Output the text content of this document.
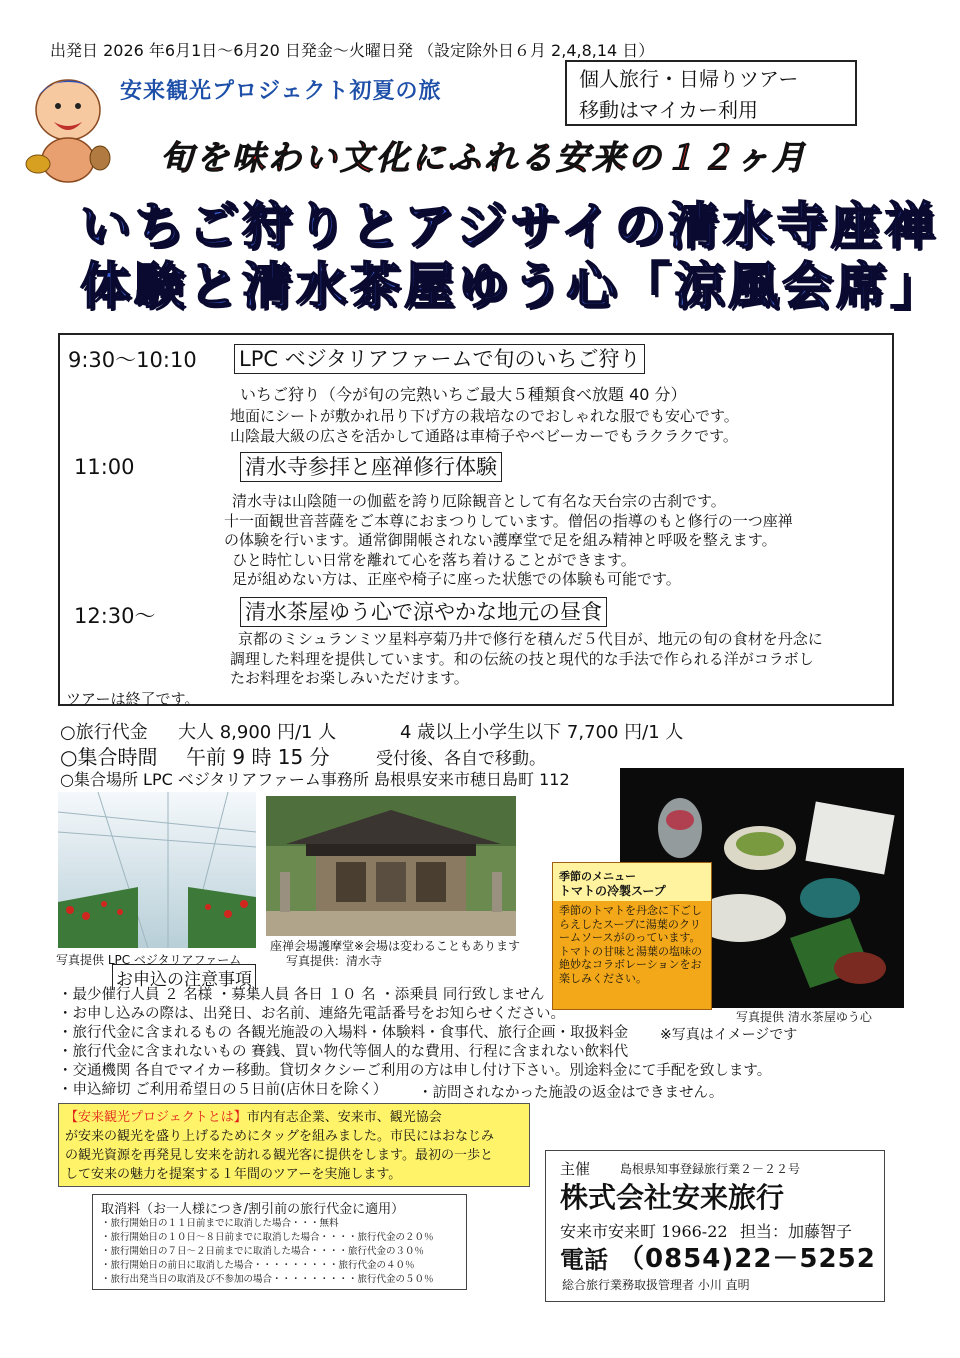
出発日 2026 年6月1日～6月20 日発金～火曜日発 （設定除外日６月 2,4,8,14 日）
安来観光プロジェクト初夏の旅	個人旅行・日帰りツアー
移動はマイカー利用
旬を味わい文化にふれる安来の１２ヶ月
いちご狩りとアジサイの清水寺座禅
体験と清水茶屋ゆう心「涼風会席」
9:30～10:10 LPC ベジタリアファームで旬のいちご狩り
いちご狩り（今が旬の完熟いちご最大５種類食べ放題 40 分）
地面にシートが敷かれ吊り下げ方の栽培なのでおしゃれな服でも安心です。
山陰最大級の広さを活かして通路は車椅子やベビーカーでもラクラクです。
11:00	清水寺参拝と座禅修行体験
清水寺は山陰随一の伽藍を誇り厄除観音として有名な天台宗の古刹です。
十一面観世音菩薩をご本尊におまつりしています。僧侶の指導のもと修行の一つ座禅
の体験を行います。通常御開帳されない護摩堂で足を組み精神と呼吸を整えます。
ひと時忙しい日常を離れて心を落ち着けることができます。
足が組めない方は、正座や椅子に座った状態での体験も可能です。
12:30～	清水茶屋ゆう心で涼やかな地元の昼食
京都のミシュランミツ星料亭菊乃井で修行を積んだ５代目が、地元の旬の食材を丹念に
調理した料理を提供しています。和の伝統の技と現代的な手法で作られる洋がコラボし
たお料理をお楽しみいただけます。
ツアーは終了です。
○旅行代金 大人 8,900 円/1 人	4 歳以上小学生以下 7,700 円/1 人
○集合時間 午前 9 時 15 分	受付後、各自で移動。
○集合場所 LPC ベジタリアファーム事務所 島根県安来市穂日島町 112
季節のメニュー
トマトの冷製スープ
季節のトマトを丹念に下ごしらえしたスープに湯葉のクリームソースがのっています。トマトの甘味と湯葉の塩味の絶妙なコラボレーションをお楽しみください。
写真提供 LPC ベジタリアファーム
座禅会場護摩堂※会場は変わることもあります
写真提供：清水寺
写真提供 清水茶屋ゆう心
お申込の注意事項
・最少催行人員 ２ 名様 ・募集人員 各日 １０ 名 ・添乗員 同行致しません
・お申し込みの際は、出発日、お名前、連絡先電話番号をお知らせください。
・旅行代金に含まれるもの 各観光施設の入場料・体験料・食事代、旅行企画・取扱料金
・旅行代金に含まれないもの 賽銭、買い物代等個人的な費用、行程に含まれない飲料代
・交通機関 各自でマイカー移動。貸切タクシーご利用の方は申し付け下さい。別途料金にて手配を致します。
・申込締切 ご利用希望日の５日前(店休日を除く）	・訪問されなかった施設の返金はできません。
※写真はイメージです
【安来観光プロジェクトとは】市内有志企業、安来市、観光協会
が安来の観光を盛り上げるためにタッグを組みました。市民にはおなじみ
の観光資源を再発見し安来を訪れる観光客に提供をします。最初の一歩と
して安来の魅力を提案する１年間のツアーを実施します。
取消料（お一人様につき/割引前の旅行代金に適用）
・旅行開始日の１１日前までに取消した場合・・・無料
・旅行開始日の１０日～８日前までに取消した場合・・・・旅行代金の２０％
・旅行開始日の７日～２日前までに取消した場合・・・・旅行代金の３０％
・旅行開始日の前日に取消した場合・・・・・・・・・旅行代金の４０％
・旅行出発当日の取消及び不参加の場合・・・・・・・・・旅行代金の５０％
主催 島根県知事登録旅行業２－２２号
株式会社安来旅行
安来市安来町 1966-22 担当：加藤智子
電話 （0854)22－5252
総合旅行業務取扱管理者 小川 直明
